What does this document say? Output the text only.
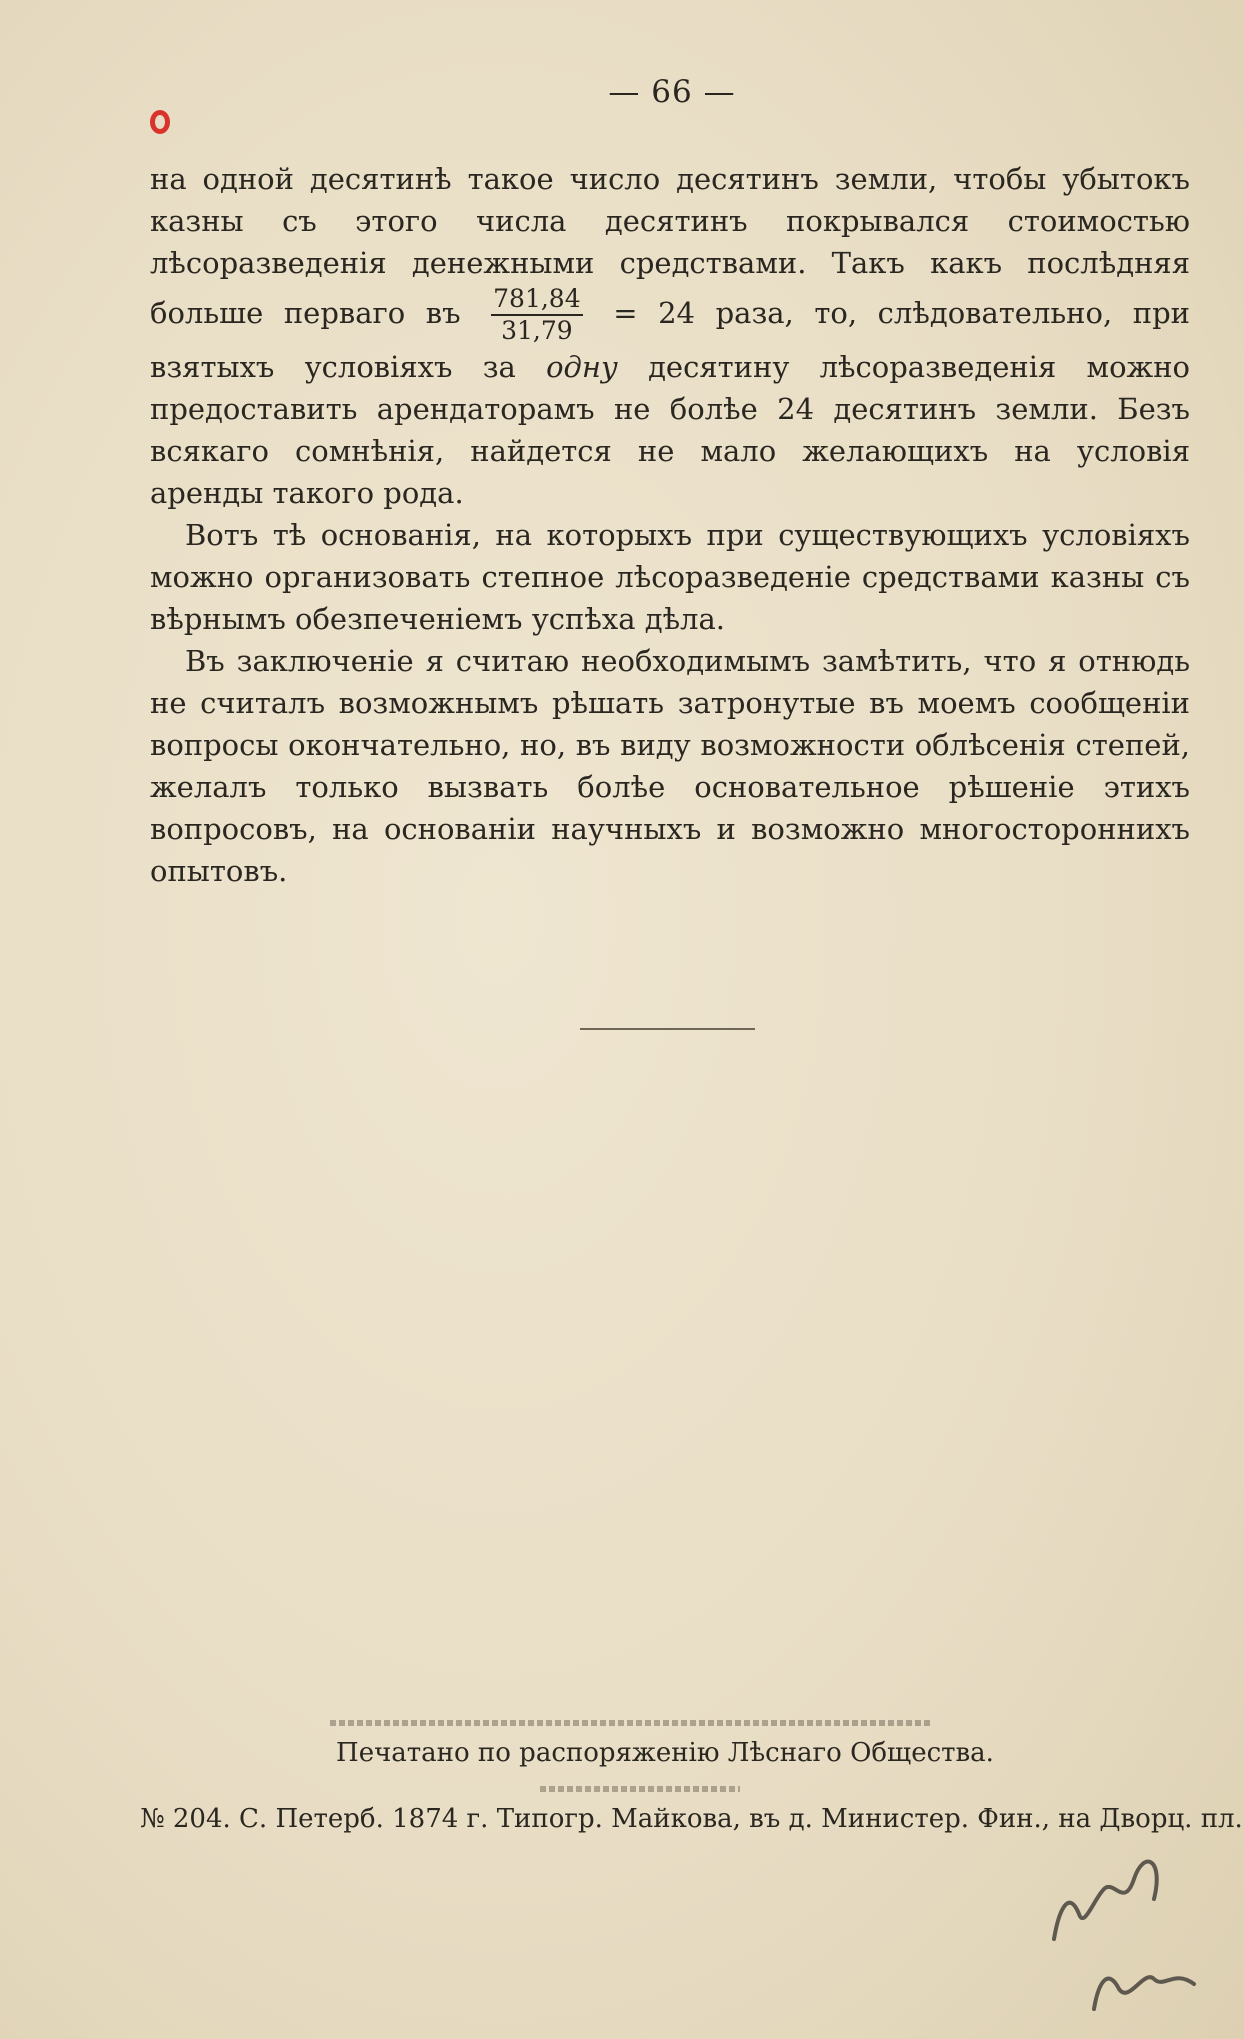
— 66 —

на одной десятинѣ такое число десятинъ земли, чтобы убытокъ казны съ этого числа десятинъ покрывался стоимостью лѣсоразведенія денежными средствами. Такъ какъ послѣдняя больше перваго въ $\frac{781,84}{31,79} = 24$ раза, то, слѣдовательно, при взятыхъ условіяхъ за одну десятину лѣсоразведенія можно предоставить арендаторамъ не болѣе 24 десятинъ земли. Безъ всякаго сомнѣнія, найдется не мало желающихъ на условія аренды такого рода.

Вотъ тѣ основанія, на которыхъ при существующихъ условіяхъ можно организовать степное лѣсоразведеніе средствами казны съ вѣрнымъ обезпеченіемъ успѣха дѣла.

Въ заключеніе я считаю необходимымъ замѣтить, что я отнюдь не считалъ возможнымъ рѣшать затронутые въ моемъ сообщеніи вопросы окончательно, но, въ виду возможности облѣсенія степей, желалъ только вызвать болѣе основательное рѣшеніе этихъ вопросовъ, на основаніи научныхъ и возможно многостороннихъ опытовъ.

Печатано по распоряженію Лѣснаго Общества.
№ 204. С. Петерб. 1874 г. Типогр. Майкова, въ д. Министер. Фин., на Дворц. пл.
